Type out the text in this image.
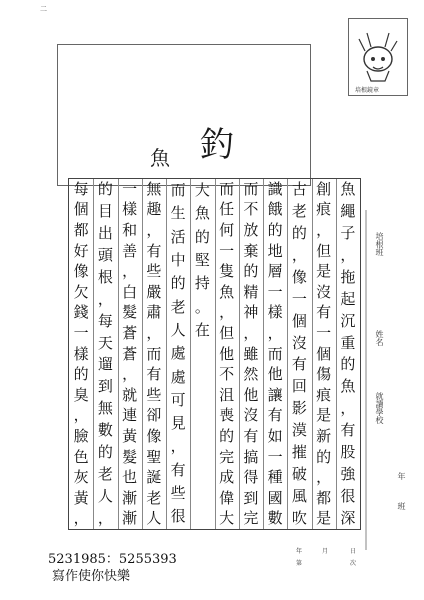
二
釣
魚
培根鏡章
魚
繩
子
，
拖
起
沉
重
的
魚
，
有
股
強
很
深
創
痕
，
但
是
沒
有
一
個
傷
痕
是
新
的
，
都
是
古
老
的
，
像
一
個
沒
有
回
影
漠
摧
破
風
吹
識
餓
的
地
層
一
樣
，
而
他
讓
有
如
一
種
國
數
而
不
放
棄
的
精
神
，
雖
然
他
沒
有
搞
得
到
完
而
任
何
一
隻
魚
，
但
他
不
沮
喪
的
完
成
偉
大
大
魚
的
堅
持
。
在
而
生
活
中
的
老
人
處
處
可
見
，
有
些
很
無
趣
，
有
些
嚴
肅
，
而
有
些
卻
像
聖
誕
老
人
一
樣
和
善
，
白
髮
蒼
蒼
，
就
連
黃
髮
也
漸
漸
的
目
出
頭
根
，
每
天
遛
到
無
數
的
老
人
，
每
個
都
好
像
欠
錢
一
樣
的
臭
，
臉
色
灰
黃
，
培根班
姓名
就讀學校
年
班
5231985：5255393
寫作使你快樂
年	月	日
第	次
